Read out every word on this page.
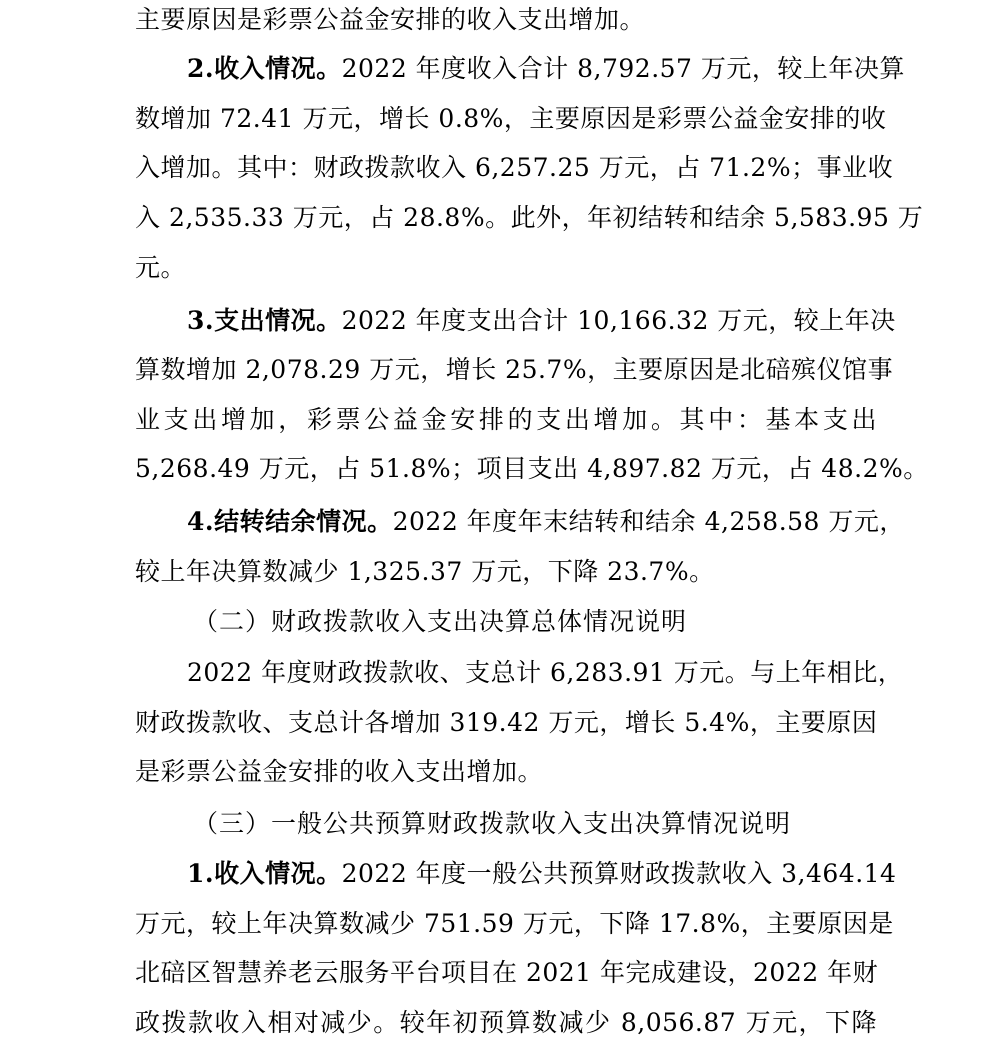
主要原因是彩票公益金安排的收入支出增加。
2.收入情况。2022 年度收入合计 8,792.57 万元，较上年决算
数增加 72.41 万元，增长 0.8%，主要原因是彩票公益金安排的收
入增加。其中：财政拨款收入 6,257.25 万元，占 71.2%；事业收
入 2,535.33 万元，占 28.8%。此外，年初结转和结余 5,583.95 万
元。
3.支出情况。2022 年度支出合计 10,166.32 万元，较上年决
算数增加 2,078.29 万元，增长 25.7%，主要原因是北碚殡仪馆事
业支出增加，彩票公益金安排的支出增加。其中：基本支出
5,268.49 万元，占 51.8%；项目支出 4,897.82 万元，占 48.2%。
4.结转结余情况。2022 年度年末结转和结余 4,258.58 万元，
较上年决算数减少 1,325.37 万元，下降 23.7%。
（二）财政拨款收入支出决算总体情况说明
2022 年度财政拨款收、支总计 6,283.91 万元。与上年相比，
财政拨款收、支总计各增加 319.42 万元，增长 5.4%，主要原因
是彩票公益金安排的收入支出增加。
（三）一般公共预算财政拨款收入支出决算情况说明
1.收入情况。2022 年度一般公共预算财政拨款收入 3,464.14
万元，较上年决算数减少 751.59 万元，下降 17.8%，主要原因是
北碚区智慧养老云服务平台项目在 2021 年完成建设，2022 年财
政拨款收入相对减少。较年初预算数减少 8,056.87 万元，下降
